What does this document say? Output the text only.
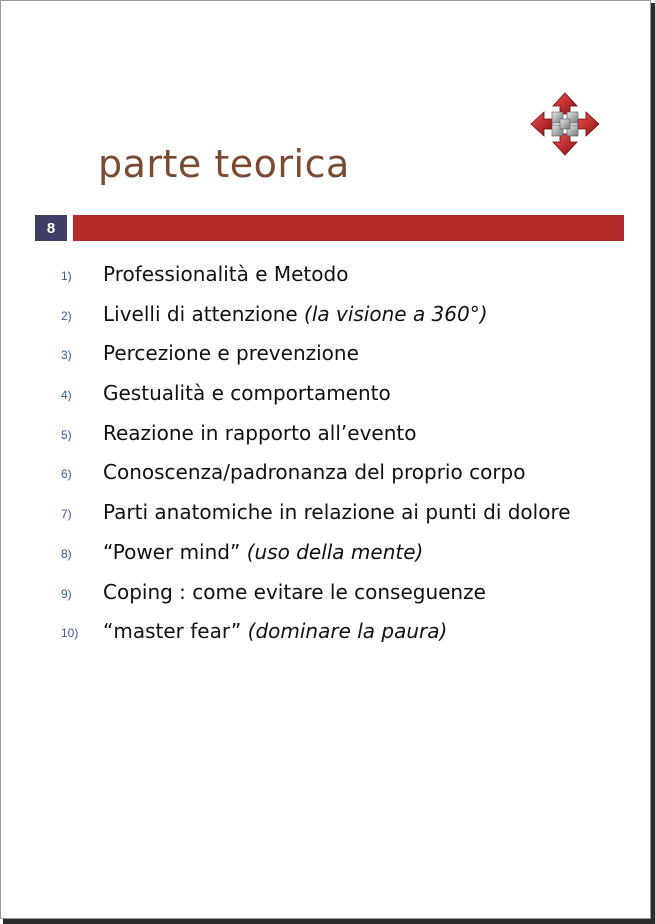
parte teorica
8
1)	Professionalità e Metodo
2)	Livelli di attenzione (la visione a 360°)
3)	Percezione e prevenzione
4)	Gestualità e comportamento
5)	Reazione in rapporto all’evento
6)	Conoscenza/padronanza del proprio corpo
7)	Parti anatomiche in relazione ai punti di dolore
8)	“Power mind” (uso della mente)
9)	Coping : come evitare le conseguenze
10)	“master fear” (dominare la paura)
